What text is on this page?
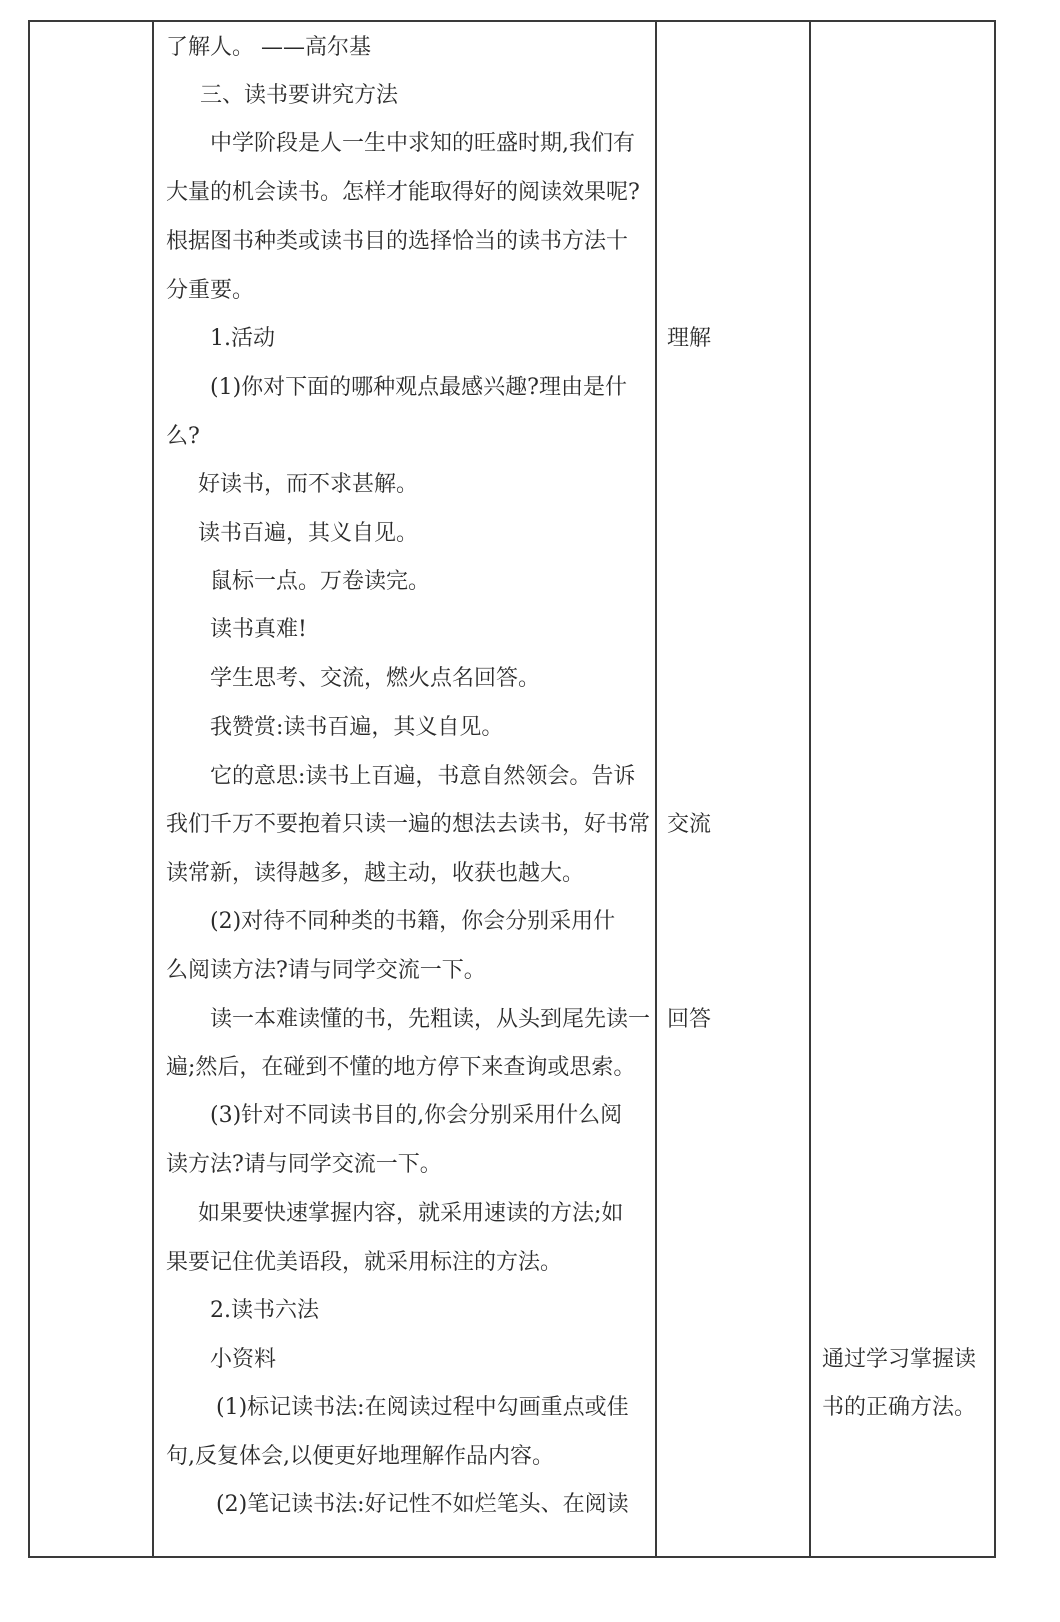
了解人。 ——高尔基
三、读书要讲究方法
中学阶段是人一生中求知的旺盛时期,我们有
大量的机会读书。怎样才能取得好的阅读效果呢?
根据图书种类或读书目的选择恰当的读书方法十
分重要。
1.活动
(1)你对下面的哪种观点最感兴趣?理由是什
么?
好读书，而不求甚解。
读书百遍，其义自见。
鼠标一点。万卷读完。
读书真难!
学生思考、交流，燃火点名回答。
我赞赏:读书百遍，其义自见。
它的意思:读书上百遍，书意自然领会。告诉
我们千万不要抱着只读一遍的想法去读书，好书常
读常新，读得越多，越主动，收获也越大。
(2)对待不同种类的书籍，你会分别采用什
么阅读方法?请与同学交流一下。
读一本难读懂的书，先粗读，从头到尾先读一
遍;然后，在碰到不懂的地方停下来查询或思索。
(3)针对不同读书目的,你会分别采用什么阅
读方法?请与同学交流一下。
如果要快速掌握内容，就采用速读的方法;如
果要记住优美语段，就采用标注的方法。
2.读书六法
小资料
(1)标记读书法:在阅读过程中勾画重点或佳
句,反复体会,以便更好地理解作品内容。
(2)笔记读书法:好记性不如烂笔头、在阅读
理解
交流
回答
通过学习掌握读
书的正确方法。
